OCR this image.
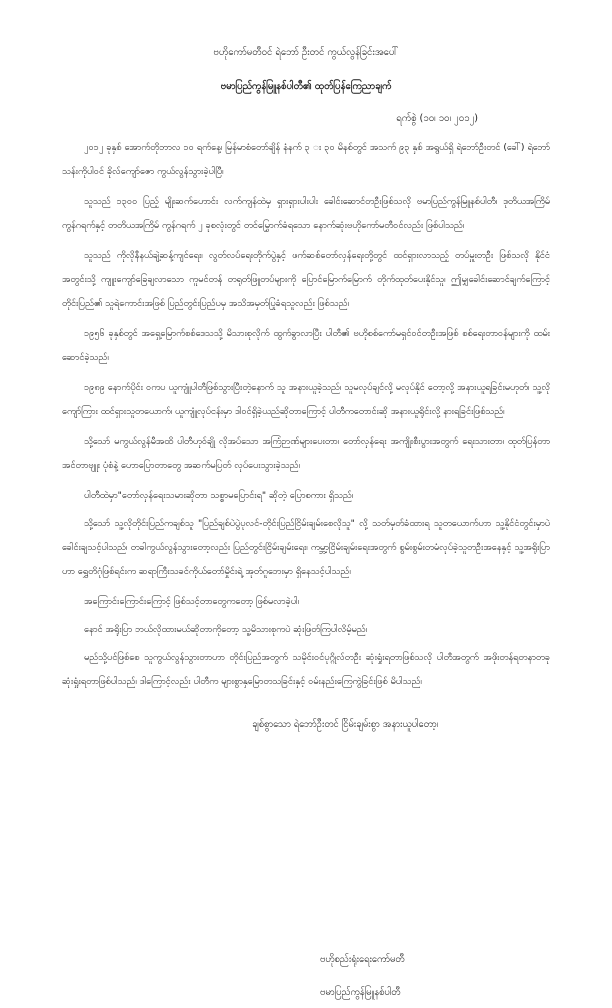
ဗဟိုကော်မတီဝင် ရဲဘော် ဦးတင် ကွယ်လွန်ခြင်းအပေါ်
ဗမာပြည်ကွန်မြူနစ်ပါတီ၏ ထုတ်ပြန်ကြေညာချက်
ရက်စွဲ (၁၀၊ ၁၀၊ ၂၀၁၂)

၂၀၁၂ ခုနှစ် အောက်တိုဘာလ ၁၀ ရက်နေ့၊ မြန်မာစံတော်ချိန် နံနက် ၃ း ၃၀ မိနစ်တွင် အသက် ၉၃ နှစ် အရွယ်ရှိ ရဲဘော်ဦးတင် (ခေါ်) ရဲဘော်သန်းကိုပါဝင် ခိုလ်ကျော်ဇော ကွယ်လွန်သွားခဲ့ပါပြီ၊

သူသည် ၁၃၀၀ ပြည့် မျိုးဆက်ဟောင်း လက်ကျန်ထဲမှ ရှားရှားပါးပါး ခေါင်းဆောင်တဦးဖြစ်သလို ဗမာပြည်ကွန်မြူနစ်ပါတီ၊ ဒုတိယအကြိမ် ကွန်ဂရက်နှင့် တတိယအကြိမ် ကွန်ဂရက် ၂ ခုစလုံးတွင် တင်မြှောက်ခံရသော နောက်ဆုံးဗဟိုကော်မတီဝင်လည်း ဖြစ်ပါသည်၊

သူသည် ကိုလိုနီနယ်ချဲ့ဆန့်ကျင်ရေး၊ လွတ်လပ်ရေးတိုက်ပွဲနှင့် ဖက်ဆစ်တော်လှန်ရေးတို့တွင် ထင်ရှားလာသည့် တပ်မှူးတဦး ဖြစ်သလို နိုင်ငံအတွင်းသို့ ကျူးကျော်ခြေချလာသော ကူမင်တန် တရုတ်ဖြူတပ်များကို ပြောင်မြောက်မြောက် တိုက်ထုတ်ပေးနိုင်သူ၊ ဤမျှခေါင်းဆောင်ချက်ကြောင့် တိုင်းပြည်၏ သူရဲကောင်းအဖြစ် ပြည်တွင်းပြည်ပမှ အသိအမှတ်ပြုခံရသူလည်း ဖြစ်သည်၊

၁၉၅၆ ခုနှစ်တွင် အရှေ့မြောက်စစ်ဒေသသို့ မိသားစုလိုက် ထွက်ခွာလာပြီး ပါတီ၏ ဗဟိုစစ်ကော်မရှင်ဝင်တဦးအဖြစ် စစ်ရေးတာဝန်များကို ထမ်းဆောင်ခဲ့သည်၊

၁၉၈၉ နောက်ပိုင်း ဝကပ ယူကျူံပါတီဖြစ်သွားပြီးတဲ့နောက် သူ အနားယူခဲ့သည်၊ သူမလုပ်ချင်လို့ မလုပ်နိုင် တော့လို့ အနားယူရခြင်းမဟုတ်၊ သူ့လိုကျော်ကြား ထင်ရှားသူတယောက်၊ ယူကျူံလုပ်ငန်းမှာ ဒါဝင်ရှိခဲ့ယည်ဆိုတာကြောင့် ပါတီကတောင်းဆို အနားယူရိုင်းလို့ နားရခြင်းဖြစ်သည်၊

သို့သော် မကွယ်လွန်မီအထိ ပါတီဟုဝ်ချို လိုအပ်သော အကြံဉာဏ်များပေးတာ၊ တော်လှန်ရေး အကျိုးစီးပွားအတွက် ရေးသားတာ၊ ထုတ်ပြန်တာ အင်တာဗျူး ပုံစံနဲ့ ဟောပြောတာတွေ အဆက်မပြတ် လုပ်ပေးသွားခဲ့သည်၊

ပါတီထဲမှာ"တော်လှန်ရေးသမားဆိုတာ သစ္စာမပြောင်းရ" ဆိုတဲ့ ပြောစကား ရှိသည်၊

သို့သော် သူ့လိုတိုင်းပြည်ကချစ်သူ "ပြည်ချစ်ပဲပွဲပုလင်-တိုင်းပြည်ငြိမ်းချမ်းစေလိုသူ" လို့ သတ်မှတ်ခံထားရ သူတယောက်ဟာ သူ့နိုင်ငံတွင်းမှာပဲ ခေါင်းချသင့်ပါသည်၊ တခါကွယ်လွန်သွားတော့လည်း ပြည်တွင်းငြိမ်းချမ်းရေး၊ ကမ္ဘာ့ငြိမ်းချမ်းရေးအတွက် စွမ်းစွမ်းတမံလုပ်ခဲ့သူတဦးအနေနှင့် သူ့အရိုးပြာဟာ ရွှေတိဂုံဖြစ်ရင်းက ဆရာကြီးသခင်ကိုယ်တော်မှိုင်းရဲ့ အုတ်ဂူဘေးမှာ ရှိနေသင့်ပါသည်၊

အကြောင်းကြောင်းကြောင့် ဖြစ်သင့်တာတွေကတော့ ဖြစ်မလာခဲ့ပါ၊

နောင် အရိုးပြာ ဘယ်လိုထားမယ်ဆိုတာကိုတော့ သူ့မိသားစုကပဲ ဆုံးဖြတ်ကြပါလိမ့်မည်၊

မည်သို့ပင်ဖြစ်စေ သူကွယ်လွန်သွားတာဟာ တိုင်းပြည်အတွက် သမိုင်းဝင်ပုဂ္ဂိုလ်တဦး ဆုံးရှုံးရတာဖြစ်သလို ပါတီအတွက် အဖိုးတန်ရတနာတခု ဆုံးရှုံးရတာဖြစ်ပါသည်၊ ဒါကြောင့်လည်း ပါတီက များစွာနှမြောတသခြင်းနှင့် ဝမ်းနည်းကြေကွဲခြင်းဖြစ် မိပါသည်၊

ချစ်စွာသော ရဲဘော်ဦးတင် ငြိမ်းချမ်းစွာ အနားယူပါတော့၊
ဗဟိုစည်းရုံးရေးကော်မတီ
ဗမာပြည်ကွန်မြူနစ်ပါတီ
